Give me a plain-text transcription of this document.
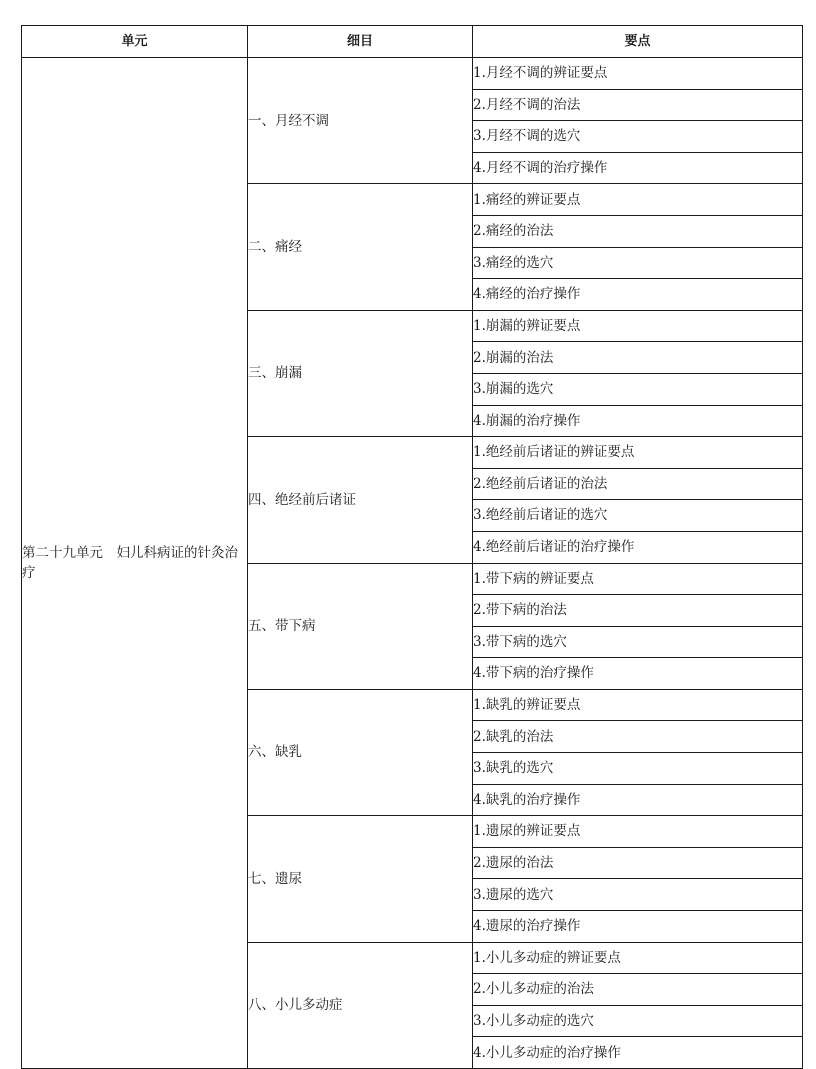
单元	细目	要点
第二十九单元　妇儿科病证的针灸治疗	一、月经不调	1.月经不调的辨证要点
		2.月经不调的治法
		3.月经不调的选穴
		4.月经不调的治疗操作
	二、痛经	1.痛经的辨证要点
		2.痛经的治法
		3.痛经的选穴
		4.痛经的治疗操作
	三、崩漏	1.崩漏的辨证要点
		2.崩漏的治法
		3.崩漏的选穴
		4.崩漏的治疗操作
	四、绝经前后诸证	1.绝经前后诸证的辨证要点
		2.绝经前后诸证的治法
		3.绝经前后诸证的选穴
		4.绝经前后诸证的治疗操作
	五、带下病	1.带下病的辨证要点
		2.带下病的治法
		3.带下病的选穴
		4.带下病的治疗操作
	六、缺乳	1.缺乳的辨证要点
		2.缺乳的治法
		3.缺乳的选穴
		4.缺乳的治疗操作
	七、遗尿	1.遗尿的辨证要点
		2.遗尿的治法
		3.遗尿的选穴
		4.遗尿的治疗操作
	八、小儿多动症	1.小儿多动症的辨证要点
		2.小儿多动症的治法
		3.小儿多动症的选穴
		4.小儿多动症的治疗操作
